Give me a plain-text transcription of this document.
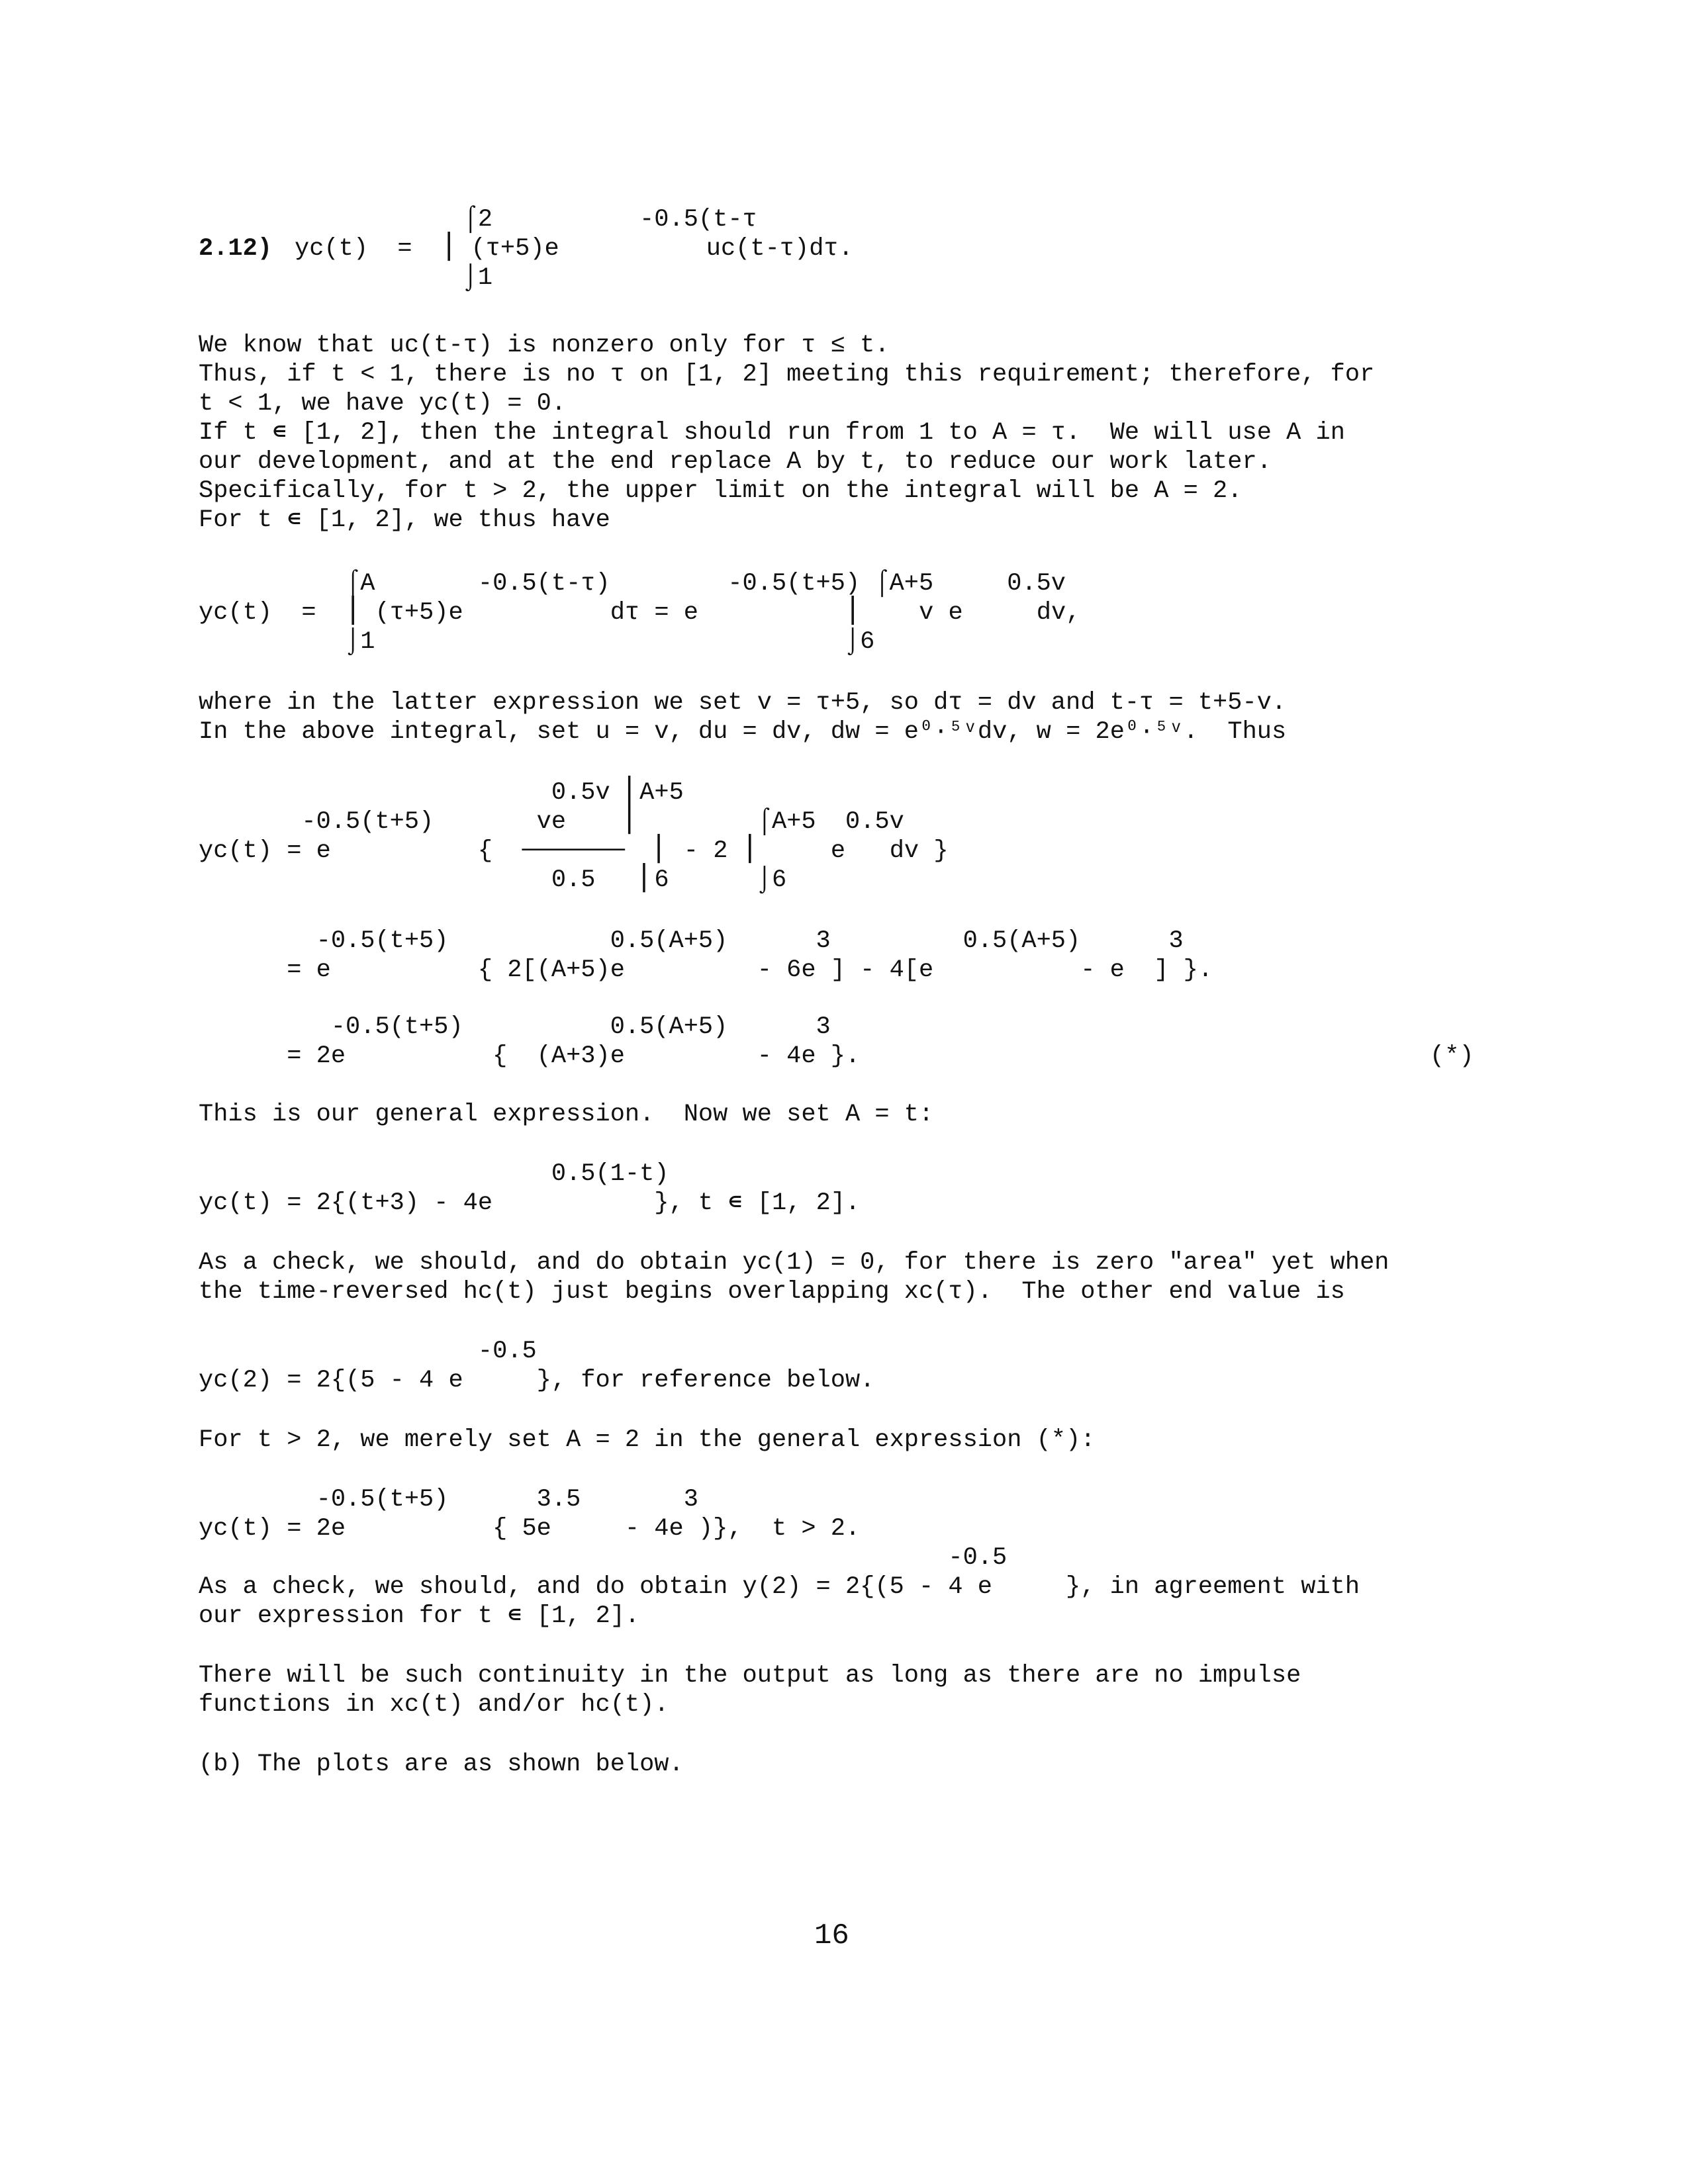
⌠2          -0.5(t-τ
2.12) yc(t)  =  ⎮ (τ+5)e          uc(t-τ)dτ.
⌡1
We know that uc(t-τ) is nonzero only for τ ≤ t.
Thus, if t < 1, there is no τ on [1, 2] meeting this requirement; therefore, for
t < 1, we have yc(t) = 0.
If t ∊ [1, 2], then the integral should run from 1 to A = τ.  We will use A in
our development, and at the end replace A by t, to reduce our work later.
Specifically, for t > 2, the upper limit on the integral will be A = 2.
For t ∊ [1, 2], we thus have
⌠A       -0.5(t-τ)        -0.5(t+5) ⌠A+5     0.5v
yc(t)  =  ⎮ (τ+5)e          dτ = e          ⎮    v e     dv,
⌡1                                ⌡6
where in the latter expression we set v = τ+5, so dτ = dv and t-τ = t+5-v.
In the above integral, set u = v, du = dv, dw = e⁰·⁵ᵛdv, w = 2e⁰·⁵ᵛ.  Thus
0.5v ⎢A+5
-0.5(t+5)       ve    ⎢        ⌠A+5  0.5v
yc(t) = e          {  ───────  ⎢ - 2 ⎮     e   dv }
0.5   ⎢6      ⌡6
-0.5(t+5)           0.5(A+5)      3         0.5(A+5)      3
= e          { 2[(A+5)e         - 6e ] - 4[e          - e  ] }.
-0.5(t+5)          0.5(A+5)      3
= 2e          {  (A+3)e         - 4e }.	(*)
This is our general expression.  Now we set A = t:
0.5(1-t)
yc(t) = 2{(t+3) - 4e           }, t ∊ [1, 2].
As a check, we should, and do obtain yc(1) = 0, for there is zero "area" yet when
the time-reversed hc(t) just begins overlapping xc(τ).  The other end value is
-0.5
yc(2) = 2{(5 - 4 e     }, for reference below.
For t > 2, we merely set A = 2 in the general expression (*):
-0.5(t+5)      3.5       3
yc(t) = 2e          { 5e     - 4e )},  t > 2.
-0.5
As a check, we should, and do obtain y(2) = 2{(5 - 4 e     }, in agreement with
our expression for t ∊ [1, 2].
There will be such continuity in the output as long as there are no impulse
functions in xc(t) and/or hc(t).
(b) The plots are as shown below.
16
